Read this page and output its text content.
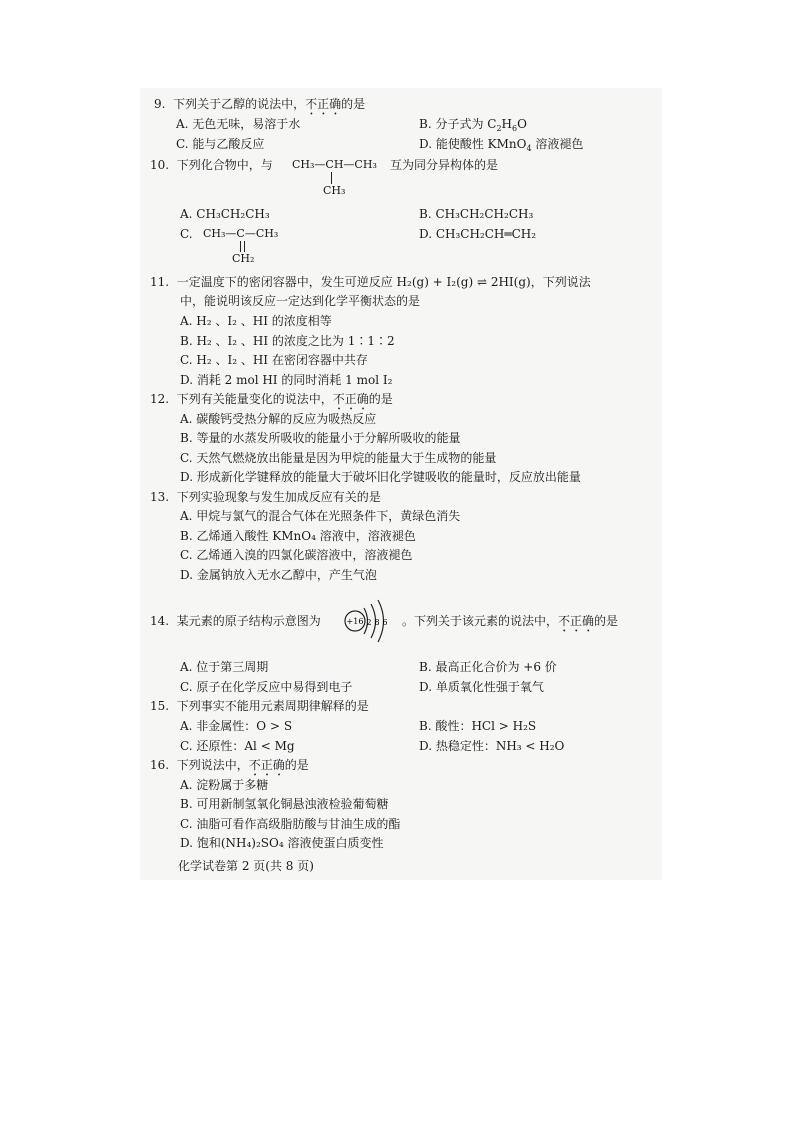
9. 下列关于乙醇的说法中，不正确的是
A. 无色无味，易溶于水	B. 分子式为 $C_2H_6O$
C. 能与乙酸反应	D. 能使酸性 KMnO$_4$ 溶液褪色
10. 下列化合物中，与 CH₃—CH—CH₃
CH₃
互为同分异构体的是
A. CH₃CH₂CH₃	B. CH₃CH₂CH₂CH₃
C. CH₃—C—CH₃
CH₂
D. CH₃CH₂CH═CH₂
11. 一定温度下的密闭容器中，发生可逆反应 H₂(g) + I₂(g) ⇌ 2HI(g)，下列说法
中，能说明该反应一定达到化学平衡状态的是
A. H₂ 、I₂ 、HI 的浓度相等
B. H₂ 、I₂ 、HI 的浓度之比为 1∶1∶2
C. H₂ 、I₂ 、HI 在密闭容器中共存
D. 消耗 2 mol HI 的同时消耗 1 mol I₂
12. 下列有关能量变化的说法中，不正确的是
A. 碳酸钙受热分解的反应为吸热反应
B. 等量的水蒸发所吸收的能量小于分解所吸收的能量
C. 天然气燃烧放出能量是因为甲烷的能量大于生成物的能量
D. 形成新化学键释放的能量大于破坏旧化学键吸收的能量时，反应放出能量
13. 下列实验现象与发生加成反应有关的是
A. 甲烷与氯气的混合气体在光照条件下，黄绿色消失
B. 乙烯通入酸性 KMnO₄ 溶液中，溶液褪色
C. 乙烯通入溴的四氯化碳溶液中，溶液褪色
D. 金属钠放入无水乙醇中，产生气泡
14. 某元素的原子结构示意图为	+16 2 8 6 。下列关于该元素的说法中，不正确的是
A. 位于第三周期	B. 最高正化合价为 +6 价
C. 原子在化学反应中易得到电子	D. 单质氧化性强于氧气
15. 下列事实不能用元素周期律解释的是
A. 非金属性：O > S	B. 酸性：HCl > H₂S
C. 还原性：Al < Mg	D. 热稳定性：NH₃ < H₂O
16. 下列说法中，不正确的是
A. 淀粉属于多糖
B. 可用新制氢氧化铜悬浊液检验葡萄糖
C. 油脂可看作高级脂肪酸与甘油生成的酯
D. 饱和(NH₄)₂SO₄ 溶液使蛋白质变性
化学试卷第 2 页(共 8 页)
